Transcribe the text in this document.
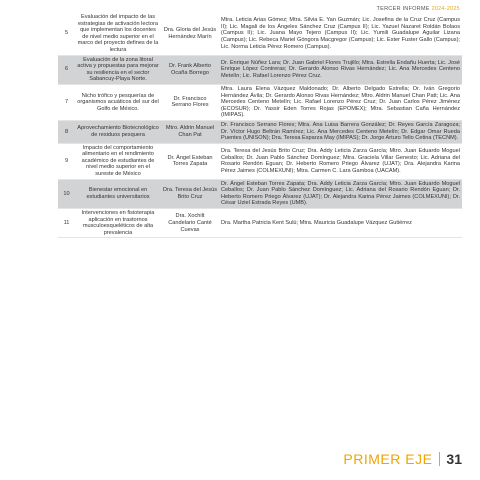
TERCER INFORME 2024-2025
5	Evaluación del impacto de las estrategias de activación lectora que implementan los docentes de nivel medio superior en el marco del proyecto defines de la lectura	Dra. Gloria del Jesús Hernández Marín	Mtra. Leticia Arias Gómez; Mtra. Silvia E. Yan Guzmán; Lic. Josefina de la Cruz Cruz (Campus II); Lic. Magali de los Ángeles Sánchez Cruz (Campus II); Lic. Yazuel Nazaret Roldán Bolaos (Campus II); Lic. Juana Mayo Tejero (Campus II); Lic. Yumili Guadalupe Aguilar Lizana (Campus); Lic. Rebeca Mariel Góngora Macgregor (Campus); Lic. Ester Fuster Gallo (Campus); Lic. Norma Leticia Pérez Romero (Campus).
6	Evaluación de la zona litoral activa y propuestas para mejorar su resiliencia en el sector Sabancuy-Playa Norte.	Dr. Frank Alberto Ocaña Borrego	Dr. Enrique Núñez Lara; Dr. Juan Gabriel Flores Trujillo; Mtra. Estrella Endañu Huerta; Lic. José Enrique López Contreras; Dr. Gerardo Alonso Rivas Hernández; Lic. Ana Mercedes Centeno Metelín; Lic. Rafael Lorenzo Pérez Cruz.
7	Nicho trófico y pesquerías de organismos acuáticos del sur del Golfo de México.	Dr. Francisco Serrano Flores	Mtra. Laura Elena Vázquez Maldonado; Dr. Alberto Delgado Estrella; Dr. Iván Gregorio Hernández Ávila; Dr. Gerardo Alonso Rivas Hernández; Mtro. Aldrin Manuel Chan Patt; Lic. Ana Mercedes Centeno Metelín; Lic. Rafael Lorenzo Pérez Cruz; Dr. Juan Carlos Pérez Jiménez (ECOSUR); Dr. Yassir Eden Torres Rojas (EPOMEX); Mtra. Sebastian Caña Hernández (IMIPAS).
8	Aprovechamiento Biotecnológico de residuos pesquera	Mtro. Aldrin Manuel Chan Pat	Dr. Francisco Serrano Flores; Mtra. Ana Luisa Barrera González; Dr. Reyes García Zaragoza; Dr. Víctor Hugo Beltrán Ramírez; Lic. Ana Mercedes Centeno Metelín; Dr. Edgar Omar Rueda Puentes (UNISON); Dra. Teresa Esparza May (IMIPAS); Dr. Jorge Arturo Tello Cetina (TECNM).
9	Impacto del comportamiento alimentario en el rendimiento académico de estudiantes de nivel medio superior en el sureste de México	Dr. Ángel Esteban Torres Zapata	Dra. Teresa del Jesús Brito Cruz; Dra. Addy Leticia Zarza García; Mtro. Juan Eduardo Moguel Ceballos; Dr. Juan Pablo Sánchez Domínguez; Mtra. Graciela Villar Genesto; Lic. Adriana del Rosario Rendón Eguan; Dr. Heberto Romero Priego Álvarez (UJAT); Dra. Alejandra Karina Pérez Jaimes (COLMEXUNI); Mtra. Carmen C. Lara Gamboa (UACAM).
10	Bienestar emocional en estudiantes universitarios	Dra. Teresa del Jesús Brito Cruz	Dr. Ángel Esteban Torres Zapata; Dra. Addy Leticia Zarza García; Mtro. Juan Eduardo Moguel Ceballos; Dr. Juan Pablo Sánchez Domínguez; Lic. Adriana del Rosario Rendón Eguan; Dr. Heberto Romero Priego Álvarez (UJAT); Dr. Alejandra Karina Pérez Jaimes (COLMEXUNI); Dr. César Uziel Estrada Reyes (UMB).
11	Intervenciones en fisioterapia aplicación en trastornos musculoesqueléticos de alta prevalencia	Dra. Xochilt Candelario Canté Cuevas	Dra. Martha Patricia Kent Sulú; Mtra. Mauricia Guadalupe Vázquez Gutiérrez
PRIMER EJE 31
